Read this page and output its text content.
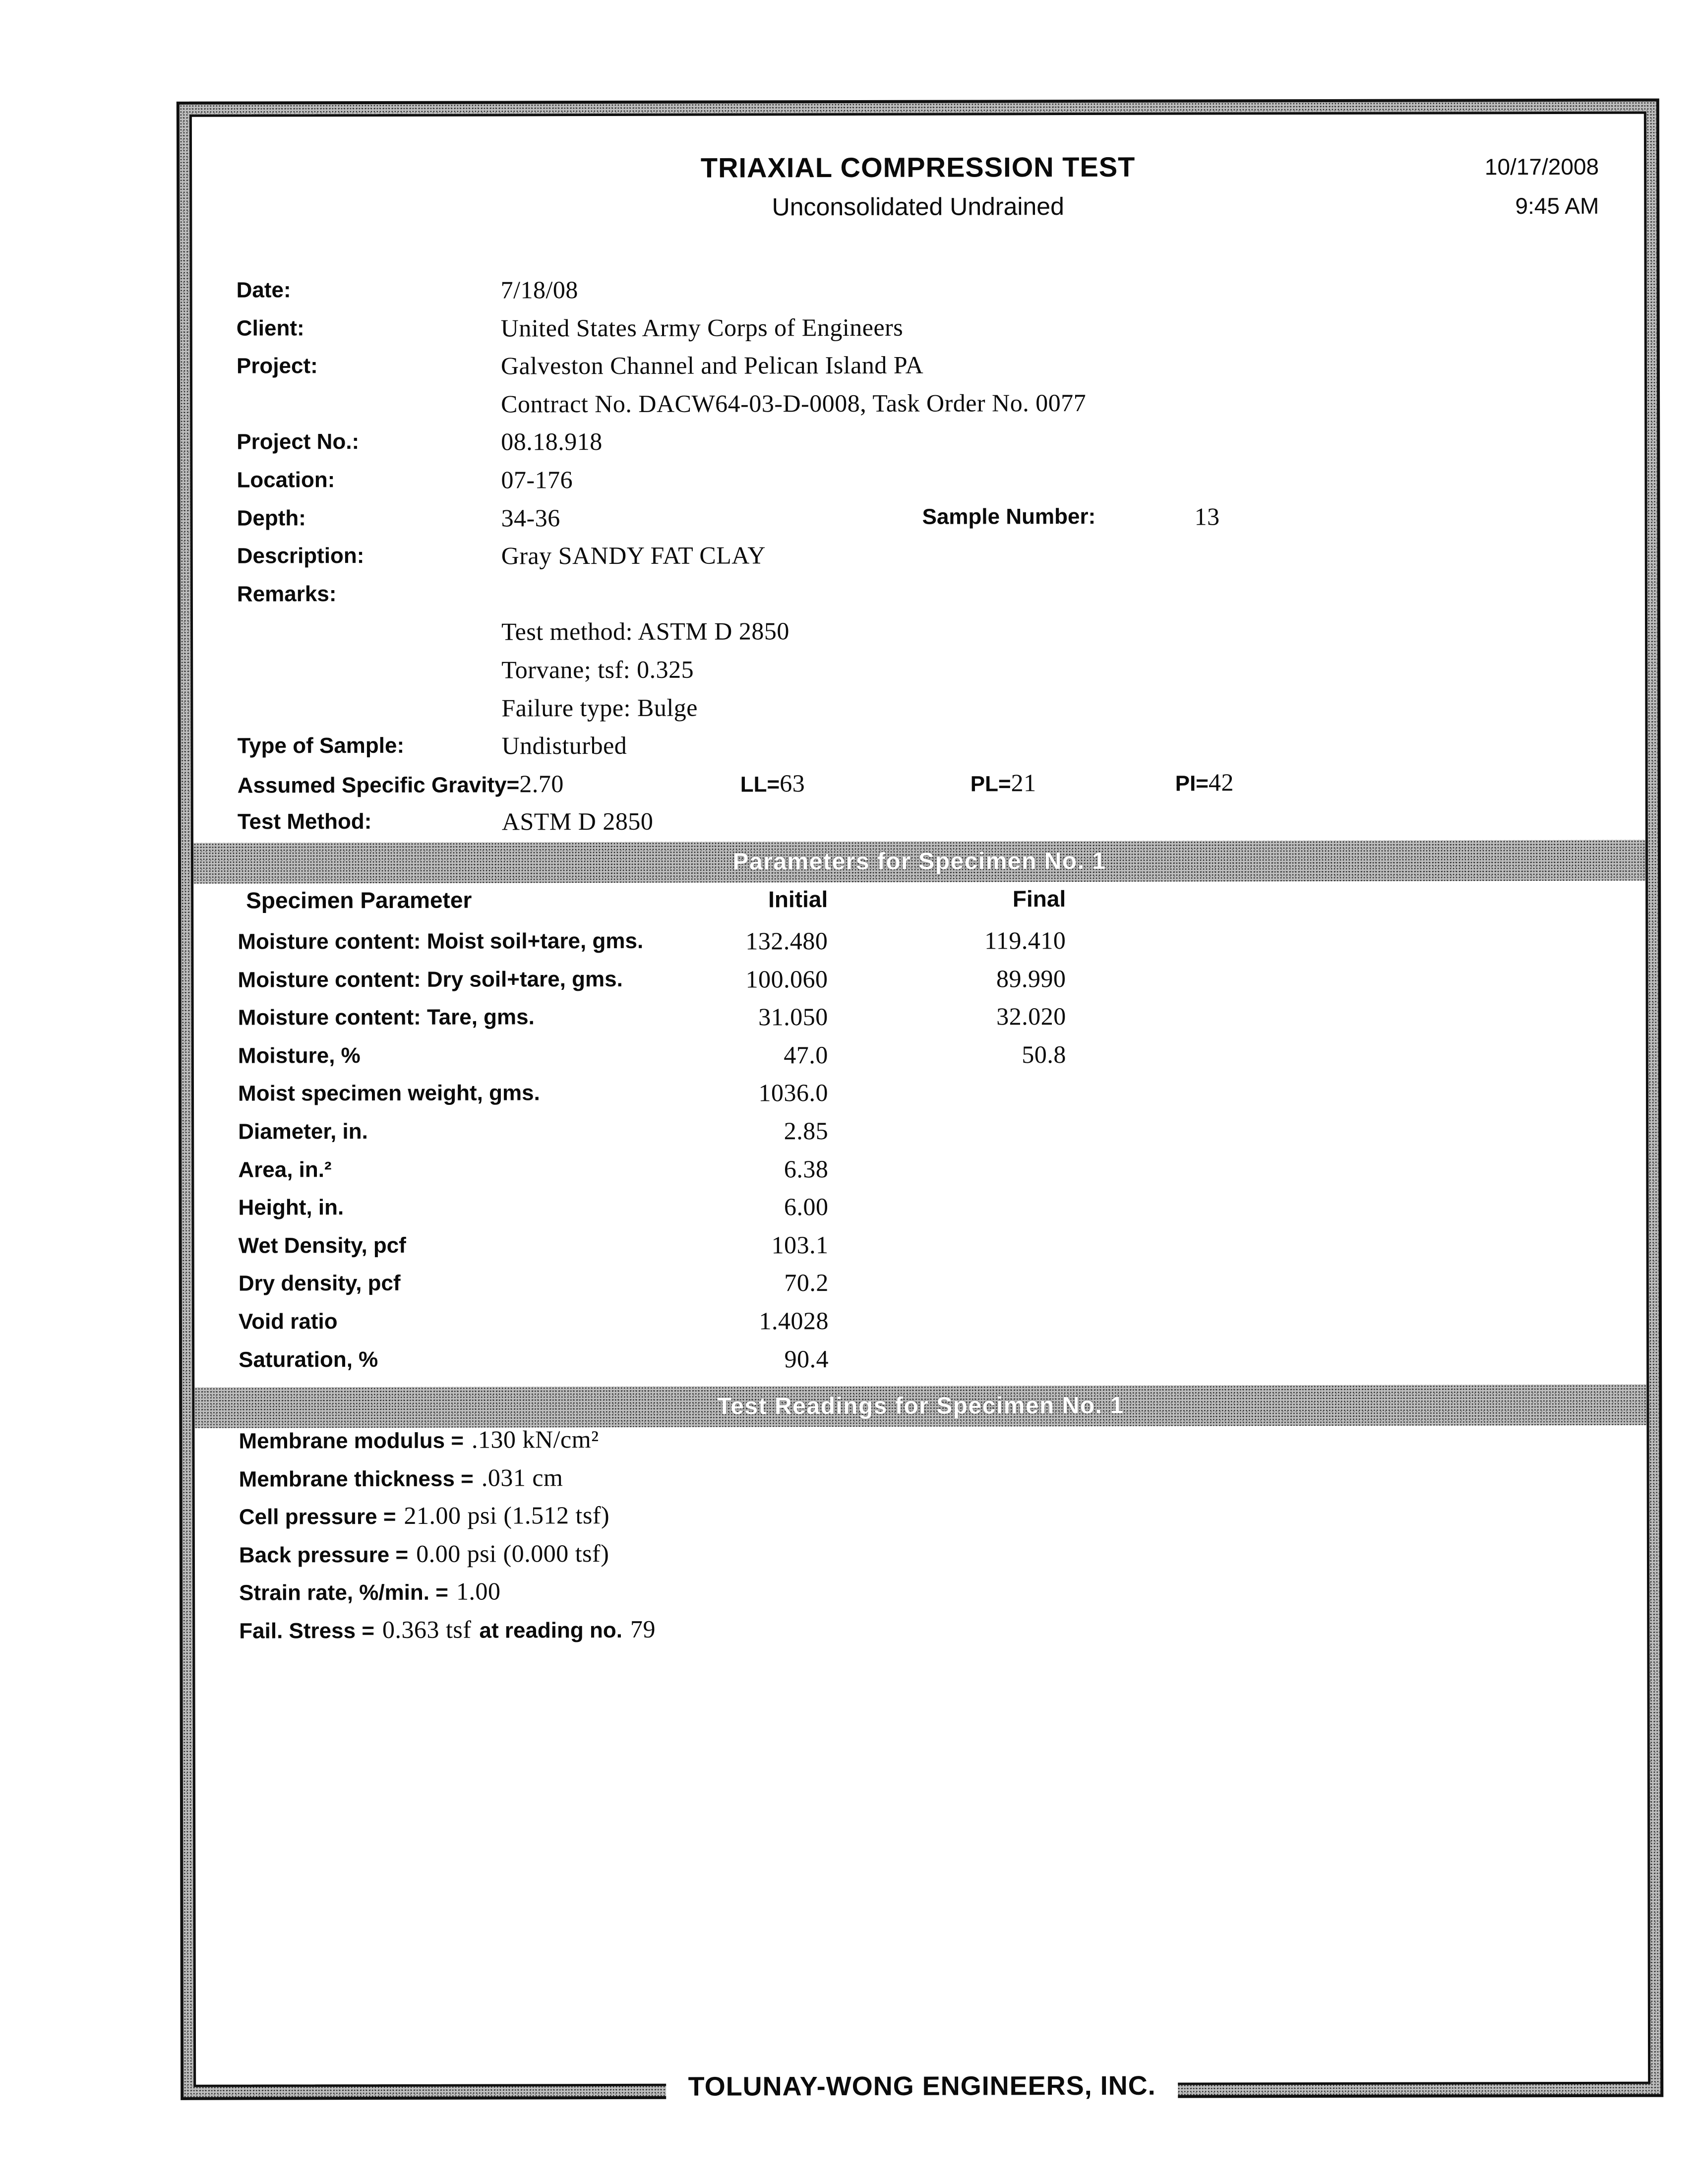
TRIAXIAL COMPRESSION TEST
Unconsolidated Undrained
10/17/2008
9:45 AM
Date:	7/18/08
Client:	United States Army Corps of Engineers
Project:	Galveston Channel and Pelican Island PA
Contract No. DACW64-03-D-0008, Task Order No. 0077
Project No.:	08.18.918
Location:	07-176
Depth:	34-36	Sample Number:	13
Description:	Gray SANDY FAT CLAY
Remarks:
Test method: ASTM D 2850
Torvane; tsf: 0.325
Failure type: Bulge
Type of Sample:	Undisturbed
Assumed Specific Gravity=2.70	LL=63	PL=21	PI=42
Test Method:	ASTM D 2850
Parameters for Specimen No. 1
Specimen Parameter	Initial	Final
Moisture content: Moist soil+tare, gms.	132.480	119.410
Moisture content: Dry soil+tare, gms.	100.060	89.990
Moisture content: Tare, gms.	31.050	32.020
Moisture, %	47.0	50.8
Moist specimen weight, gms.	1036.0
Diameter, in.	2.85
Area, in.²	6.38
Height, in.	6.00
Wet Density, pcf	103.1
Dry density, pcf	70.2
Void ratio	1.4028
Saturation, %	90.4
Test Readings for Specimen No. 1
Membrane modulus = .130 kN/cm²
Membrane thickness = .031 cm
Cell pressure = 21.00 psi (1.512 tsf)
Back pressure = 0.00 psi (0.000 tsf)
Strain rate, %/min. = 1.00
Fail. Stress = 0.363 tsf at reading no. 79
TOLUNAY-WONG ENGINEERS, INC.
